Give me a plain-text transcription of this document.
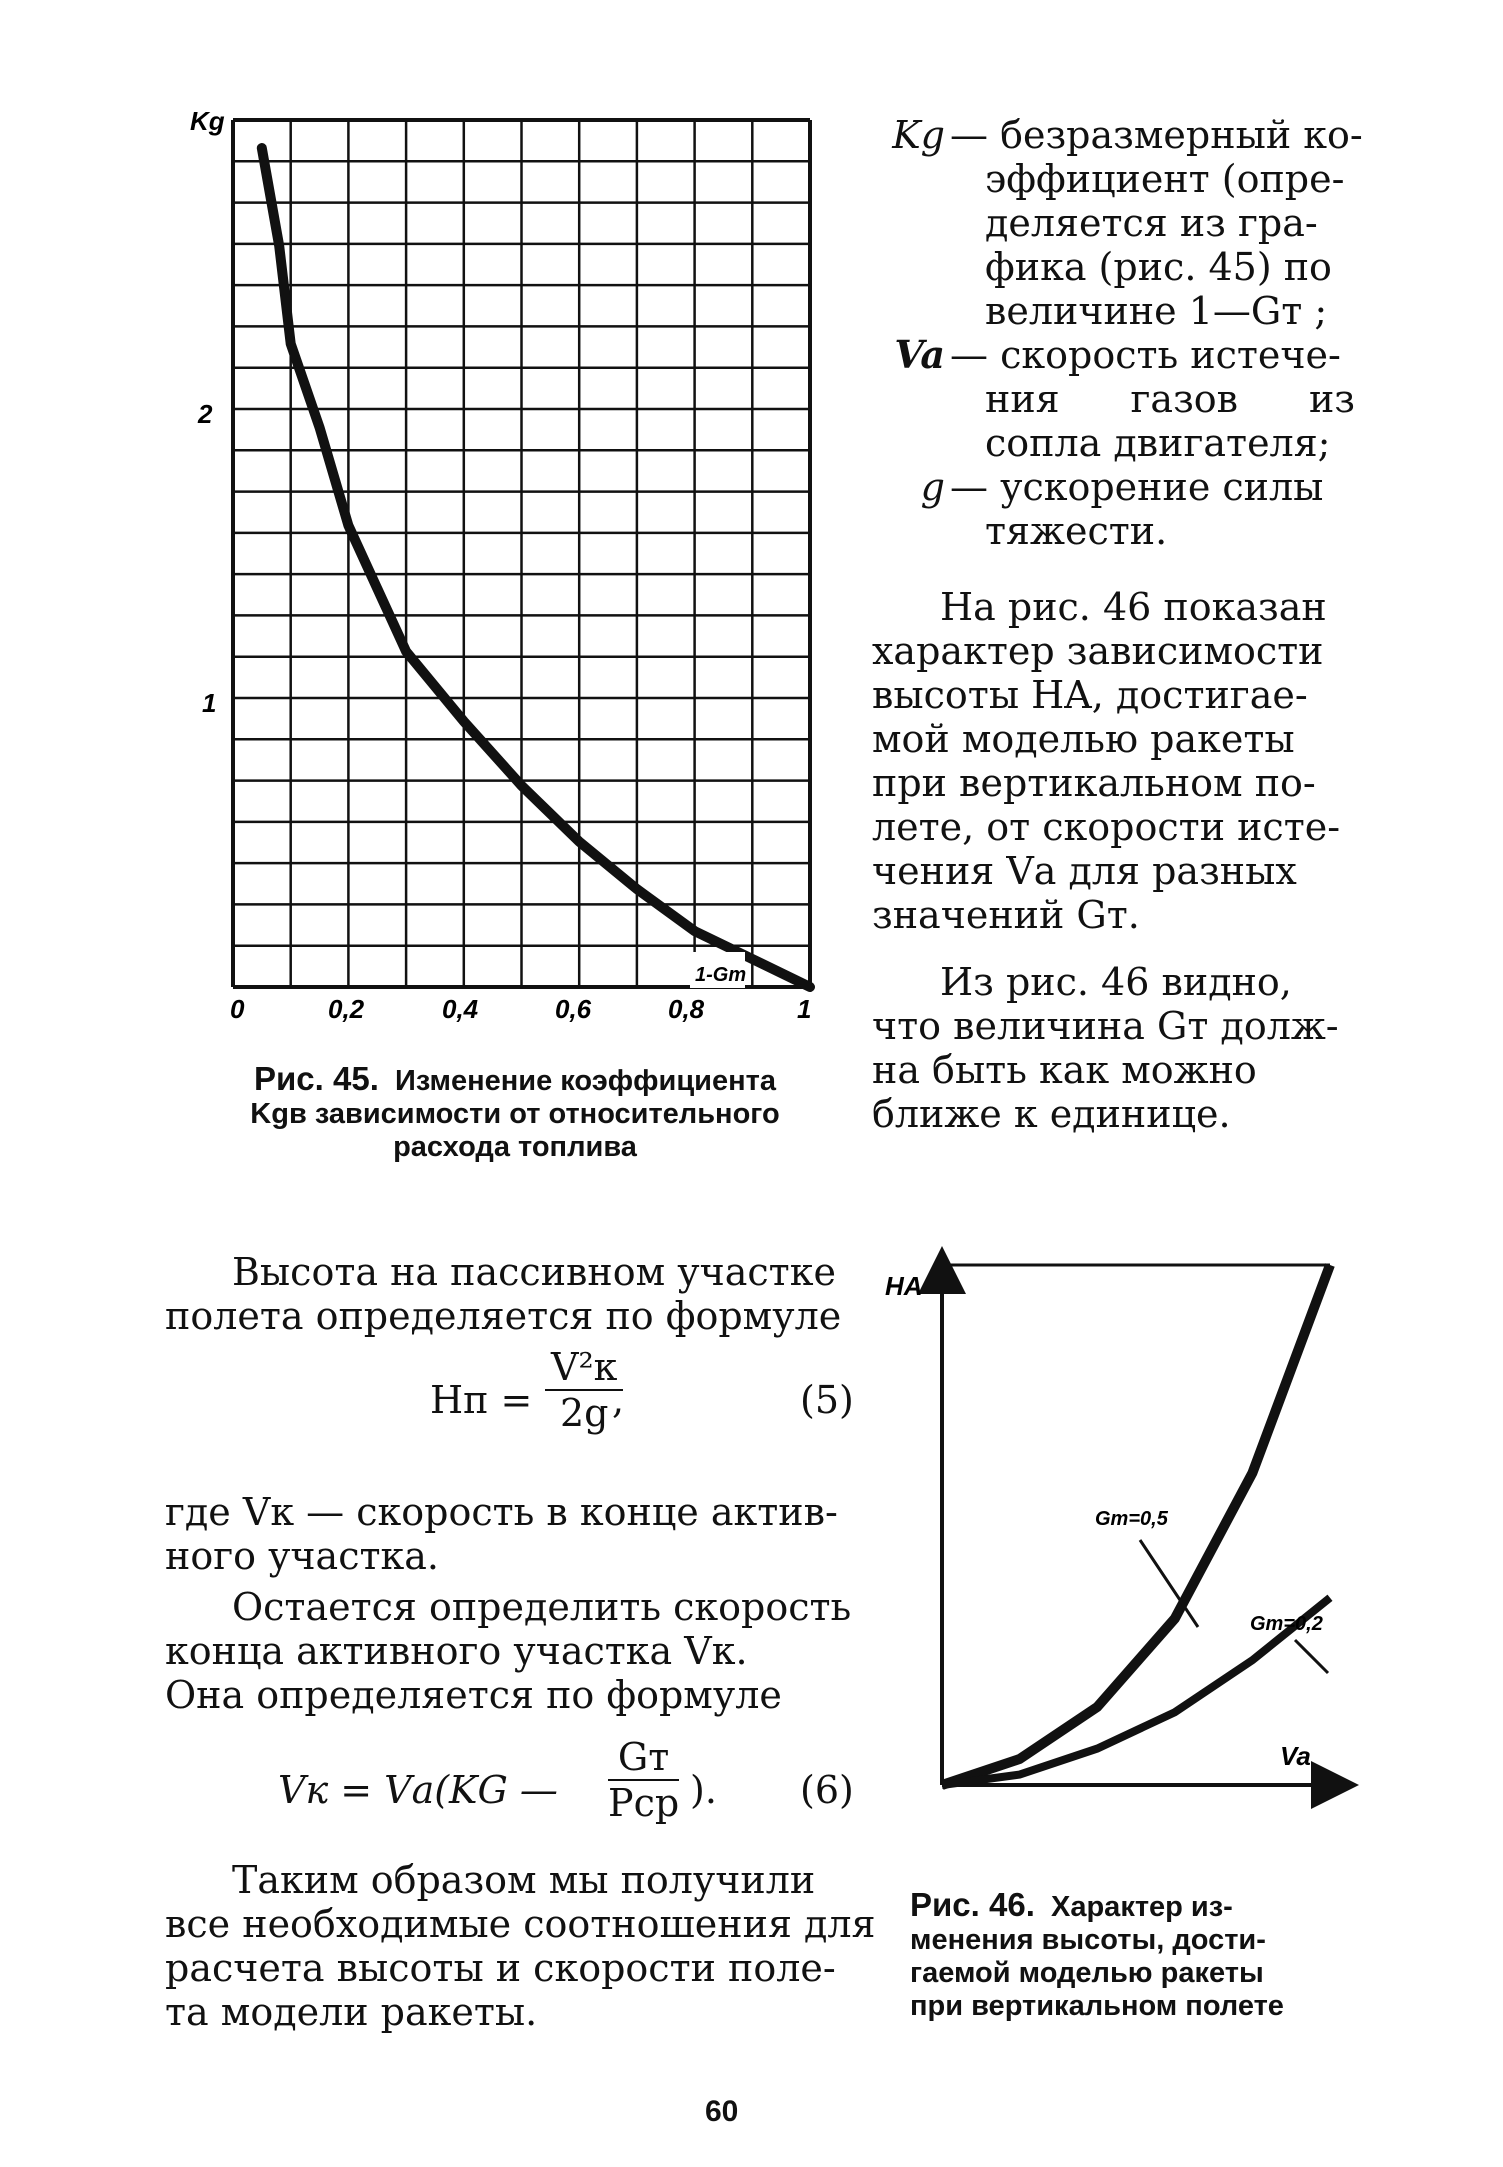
1-Gт
Kg
2
1
0	0,2	0,4	0,6	0,8	1
Рис. 45. Изменение коэффициента
Kgв зависимости от относительного
расхода топлива
Kg — безразмерный ко-
эффициент (опре-
деляется из гра-
фика (рис. 45) по
величине 1—Gт ;
Va — скорость истече-
ния газов из
сопла двигателя;
g — ускорение силы
тяжести.
На рис. 46 показан
характер зависимости
высоты HA, достигае-
мой моделью ракеты
при вертикальном по-
лете, от скорости исте-
чения Vа для разных
значений Gт.
Из рис. 46 видно,
что величина Gт долж-
на быть как можно
ближе к единице.
Высота на пассивном участке
полета определяется по формуле
Hп =
V²к
2g ,	(5)
где Vк — скорость в конце актив-
ного участка.
Остается определить скорость
конца активного участка Vк.
Она определяется по формуле
Vк = Vа(KG —
Gт
Pср ). (6)
Таким образом мы получили
все необходимые соотношения для
расчета высоты и скорости поле-
та модели ракеты.
HA
Va
Gт=0,5
Gт=0,2
Рис. 46. Характер из-
менения высоты, дости-
гаемой моделью ракеты
при вертикальном полете
60
